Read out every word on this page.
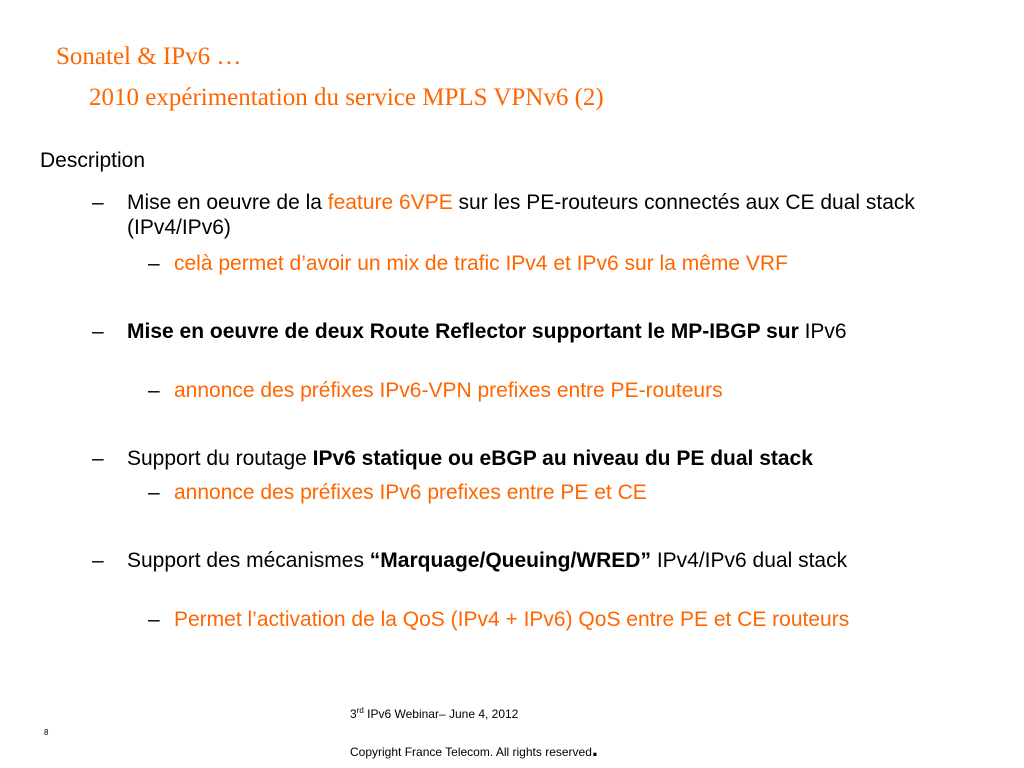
Sonatel & IPv6 …
2010 expérimentation du service MPLS VPNv6 (2)
Description
– Mise en oeuvre de la feature 6VPE sur les PE-routeurs connectés aux CE dual stack (IPv4/IPv6)
– celà permet d’avoir un mix de trafic IPv4 et IPv6 sur la même VRF
– Mise en oeuvre de deux Route Reflector supportant le MP-IBGP sur IPv6
– annonce des préfixes IPv6-VPN prefixes entre PE-routeurs
– Support du routage IPv6 statique ou eBGP au niveau du PE dual stack
– annonce des préfixes IPv6 prefixes entre PE et CE
– Support des mécanismes “Marquage/Queuing/WRED” IPv4/IPv6 dual stack
– Permet l’activation de la QoS (IPv4 + IPv6) QoS entre PE et CE routeurs
3rd IPv6 Webinar– June 4, 2012
Copyright France Telecom. All rights reserved.
8
